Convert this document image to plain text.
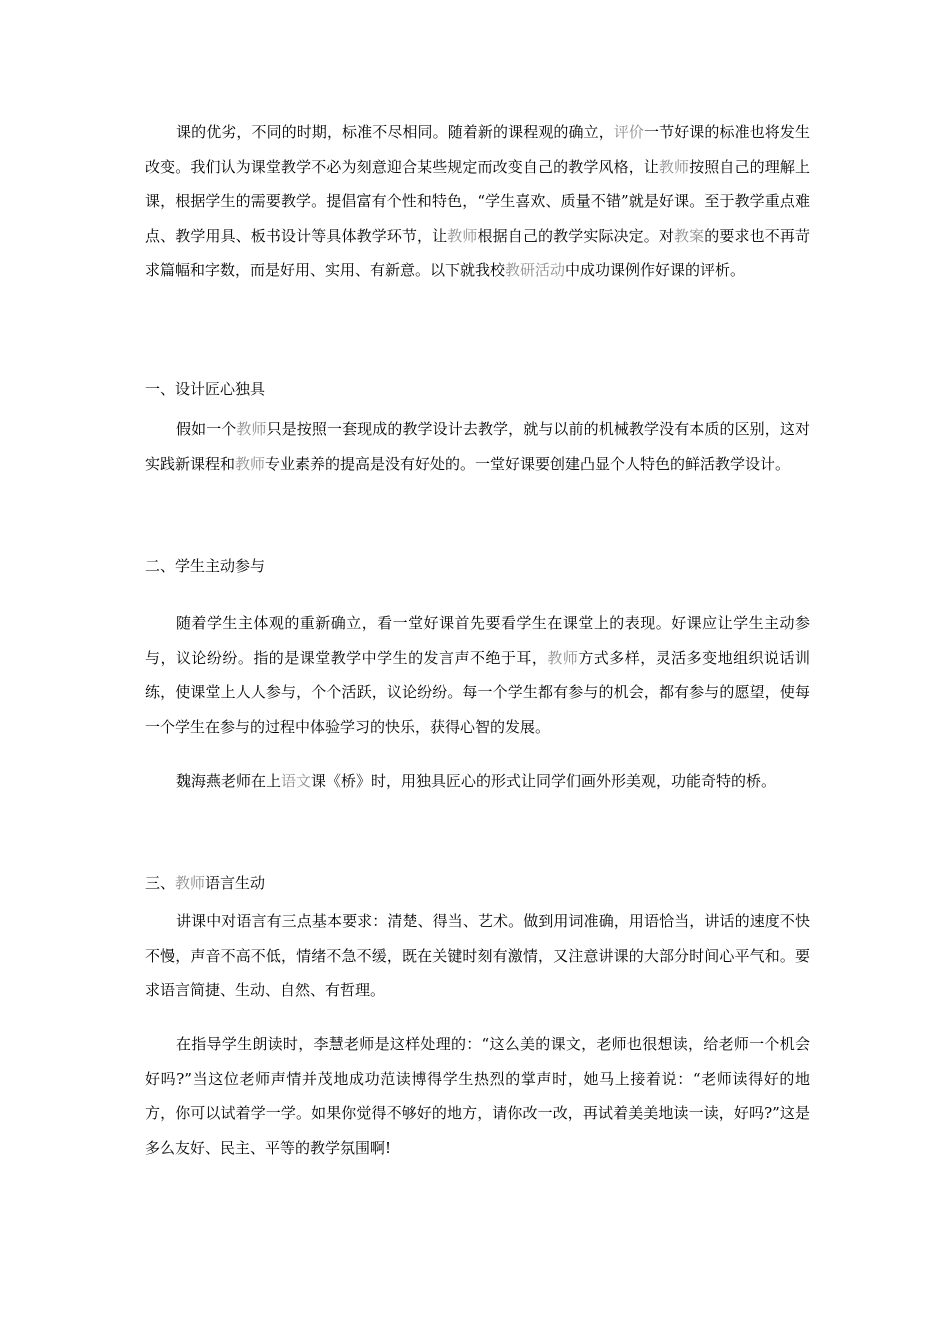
课的优劣，不同的时期，标准不尽相同。随着新的课程观的确立，评价一节好课的标准也将发生改变。我们认为课堂教学不必为刻意迎合某些规定而改变自己的教学风格，让教师按照自己的理解上课，根据学生的需要教学。提倡富有个性和特色，“学生喜欢、质量不错”就是好课。至于教学重点难点、教学用具、板书设计等具体教学环节，让教师根据自己的教学实际决定。对教案的要求也不再苛求篇幅和字数，而是好用、实用、有新意。以下就我校教研活动中成功课例作好课的评析。

一、设计匠心独具

假如一个教师只是按照一套现成的教学设计去教学，就与以前的机械教学没有本质的区别，这对实践新课程和教师专业素养的提高是没有好处的。一堂好课要创建凸显个人特色的鲜活教学设计。

二、学生主动参与

随着学生主体观的重新确立，看一堂好课首先要看学生在课堂上的表现。好课应让学生主动参与，议论纷纷。指的是课堂教学中学生的发言声不绝于耳，教师方式多样，灵活多变地组织说话训练，使课堂上人人参与，个个活跃，议论纷纷。每一个学生都有参与的机会，都有参与的愿望，使每一个学生在参与的过程中体验学习的快乐，获得心智的发展。

魏海燕老师在上语文课《桥》时，用独具匠心的形式让同学们画外形美观，功能奇特的桥。

三、教师语言生动

讲课中对语言有三点基本要求：清楚、得当、艺术。做到用词准确，用语恰当，讲话的速度不快不慢，声音不高不低，情绪不急不缓，既在关键时刻有激情，又注意讲课的大部分时间心平气和。要求语言简捷、生动、自然、有哲理。

在指导学生朗读时，李慧老师是这样处理的：“这么美的课文，老师也很想读，给老师一个机会好吗?”当这位老师声情并茂地成功范读博得学生热烈的掌声时，她马上接着说：“老师读得好的地方，你可以试着学一学。如果你觉得不够好的地方，请你改一改，再试着美美地读一读，好吗?”这是多么友好、民主、平等的教学氛围啊!
